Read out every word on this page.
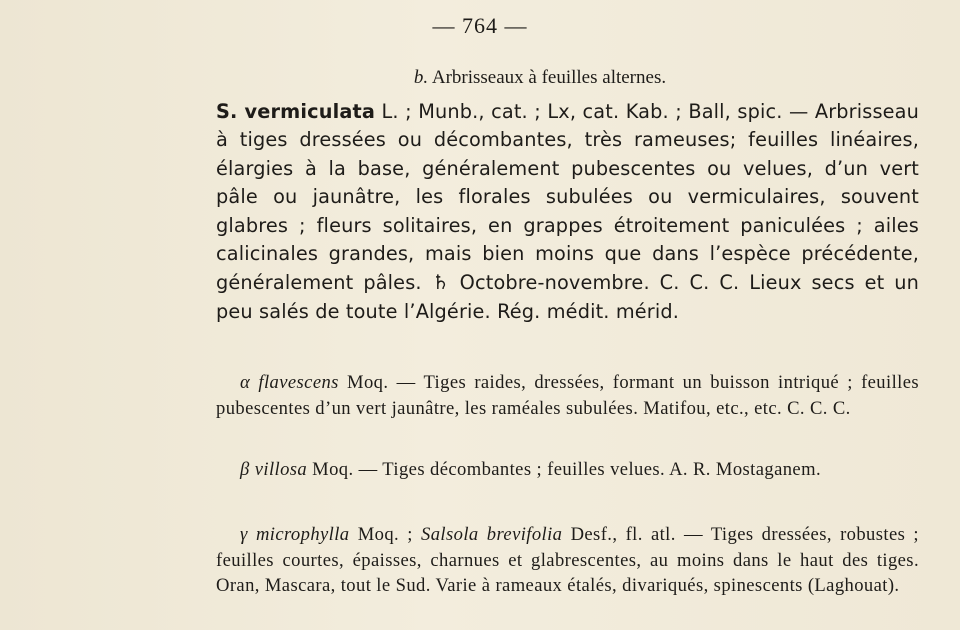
— 764 —
b. Arbrisseaux à feuilles alternes.
S. vermiculata L. ; Munb., cat. ; Lx, cat. Kab. ; Ball, spic. — Arbrisseau à tiges dressées ou décombantes, très rameuses; feuilles linéaires, élargies à la base, généralement pubescentes ou velues, d’un vert pâle ou jaunâtre, les florales subulées ou vermiculaires, souvent glabres ; fleurs solitaires, en grappes étroitement paniculées ; ailes calicinales grandes, mais bien moins que dans l’espèce précédente, généralement pâles. ♄ Octobre-novembre. C. C. C. Lieux secs et un peu salés de toute l’Algérie. Rég. médit. mérid.
α flavescens Moq. — Tiges raides, dressées, formant un buisson intriqué ; feuilles pubescentes d’un vert jaunâtre, les raméales subulées. Matifou, etc., etc. C. C. C.
β villosa Moq. — Tiges décombantes ; feuilles velues. A. R. Mostaganem.
γ microphylla Moq. ; Salsola brevifolia Desf., fl. atl. — Tiges dressées, robustes ; feuilles courtes, épaisses, charnues et glabrescentes, au moins dans le haut des tiges. Oran, Mascara, tout le Sud. Varie à rameaux étalés, divariqués, spinescents (Laghouat).
